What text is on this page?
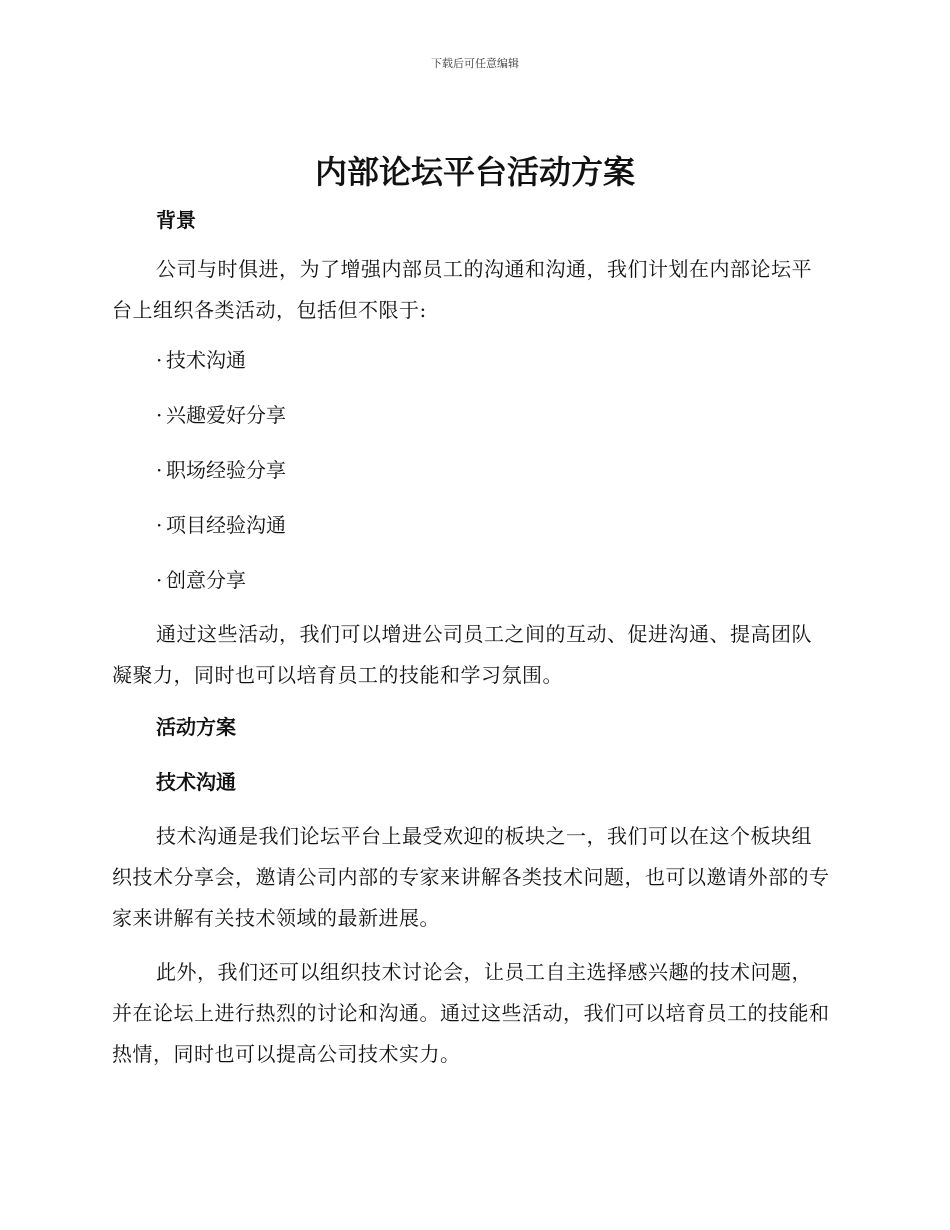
下载后可任意编辑
内部论坛平台活动方案
背景

公司与时俱进，为了增强内部员工的沟通和沟通，我们计划在内部论坛平台上组织各类活动，包括但不限于:

· 技术沟通
· 兴趣爱好分享
· 职场经验分享
· 项目经验沟通
· 创意分享

通过这些活动，我们可以增进公司员工之间的互动、促进沟通、提高团队凝聚力，同时也可以培育员工的技能和学习氛围。

活动方案
技术沟通

技术沟通是我们论坛平台上最受欢迎的板块之一，我们可以在这个板块组织技术分享会，邀请公司内部的专家来讲解各类技术问题，也可以邀请外部的专家来讲解有关技术领域的最新进展。

此外，我们还可以组织技术讨论会，让员工自主选择感兴趣的技术问题，并在论坛上进行热烈的讨论和沟通。通过这些活动，我们可以培育员工的技能和热情，同时也可以提高公司技术实力。
